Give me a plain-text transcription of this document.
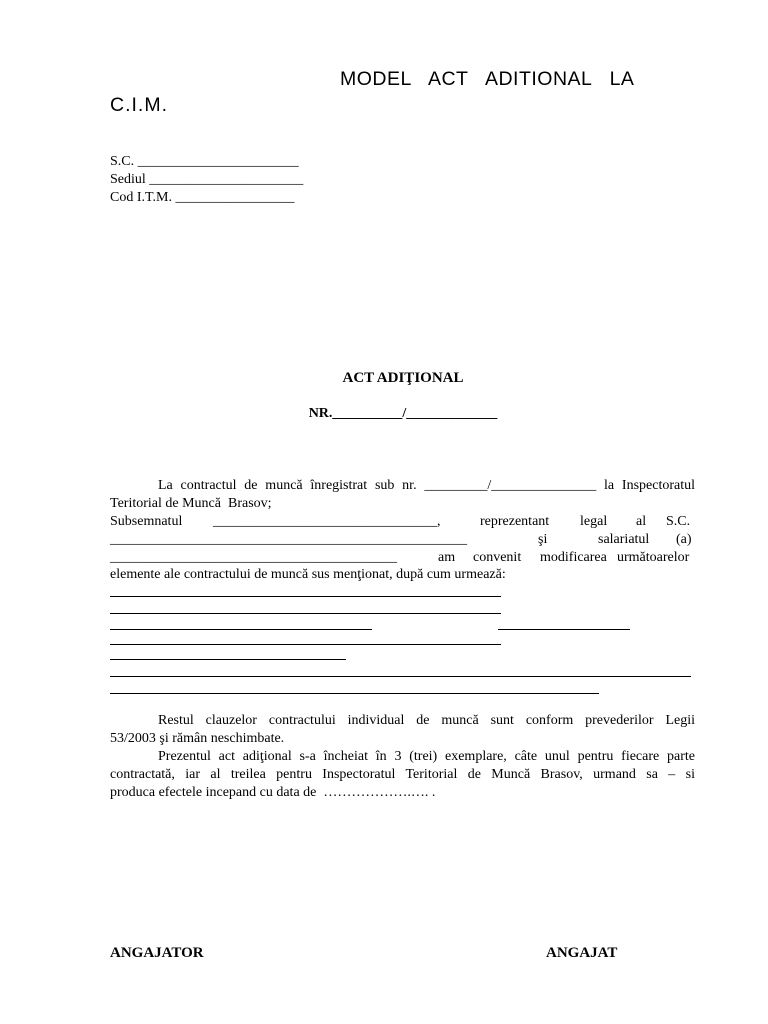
MODEL ACT ADITIONAL LA
C.I.M.
S.C. _______________________
Sediul ______________________
Cod I.T.M. _________________
ACT ADIŢIONAL
NR.__________/_____________
La contractul de muncă înregistrat sub nr. _________/_______________ la Inspectoratul
Teritorial de Muncă  Brasov;
Subsemnatul ________________________________,	reprezentant legal al S.C.
___________________________________________________	şi	salariatul (a)
_________________________________________	am convenit modificarea următoarelor
elemente ale contractului de muncă sus menţionat, după cum urmează:
Restul clauzelor contractului individual de muncă sunt conform prevederilor Legii
53/2003 şi rămân neschimbate.
Prezentul act adiţional s-a încheiat în 3 (trei) exemplare, câte unul pentru fiecare parte
contractată, iar al treilea pentru Inspectoratul Teritorial de Muncă Brasov, urmand sa – si
produca efectele incepand cu data de  ……………….…. .
ANGAJATOR	ANGAJAT
